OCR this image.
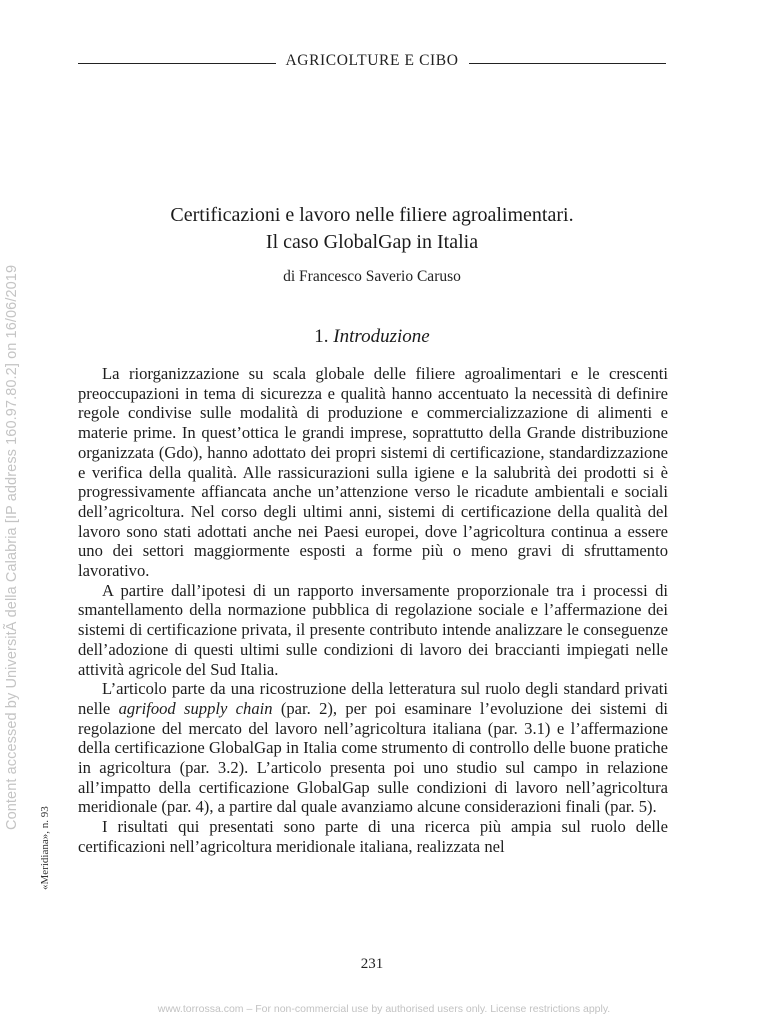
AGRICOLTURE E CIBO
Certificazioni e lavoro nelle filiere agroalimentari.
Il caso GlobalGap in Italia
di Francesco Saverio Caruso
1. Introduzione

La riorganizzazione su scala globale delle filiere agroalimentari e le crescenti preoccupazioni in tema di sicurezza e qualità hanno accentuato la necessità di definire regole condivise sulle modalità di produzione e commercializzazione di alimenti e materie prime. In quest’ottica le grandi imprese, soprattutto della Grande distribuzione organizzata (Gdo), hanno adottato dei propri sistemi di certificazione, standardizzazione e verifica della qualità. Alle rassicurazioni sulla igiene e la salubrità dei prodotti si è progressivamente affiancata anche un’attenzione verso le ricadute ambientali e sociali dell’agricoltura. Nel corso degli ultimi anni, sistemi di certificazione della qualità del lavoro sono stati adottati anche nei Paesi europei, dove l’agricoltura continua a essere uno dei settori maggiormente esposti a forme più o meno gravi di sfruttamento lavorativo.

A partire dall’ipotesi di un rapporto inversamente proporzionale tra i processi di smantellamento della normazione pubblica di regolazione sociale e l’affermazione dei sistemi di certificazione privata, il presente contributo intende analizzare le conseguenze dell’adozione di questi ultimi sulle condizioni di lavoro dei braccianti impiegati nelle attività agricole del Sud Italia.

L’articolo parte da una ricostruzione della letteratura sul ruolo degli standard privati nelle agrifood supply chain (par. 2), per poi esaminare l’evoluzione dei sistemi di regolazione del mercato del lavoro nell’agricoltura italiana (par. 3.1) e l’affermazione della certificazione GlobalGap in Italia come strumento di controllo delle buone pratiche in agricoltura (par. 3.2). L’articolo presenta poi uno studio sul campo in relazione all’impatto della certificazione GlobalGap sulle condizioni di lavoro nell’agricoltura meridionale (par. 4), a partire dal quale avanziamo alcune considerazioni finali (par. 5).

I risultati qui presentati sono parte di una ricerca più ampia sul ruolo delle certificazioni nell’agricoltura meridionale italiana, realizzata nel

231
«Meridiana», n. 93
Content accessed by UniversitÃ della Calabria [IP address 160.97.80.2] on 16/06/2019
www.torrossa.com – For non-commercial use by authorised users only. License restrictions apply.
